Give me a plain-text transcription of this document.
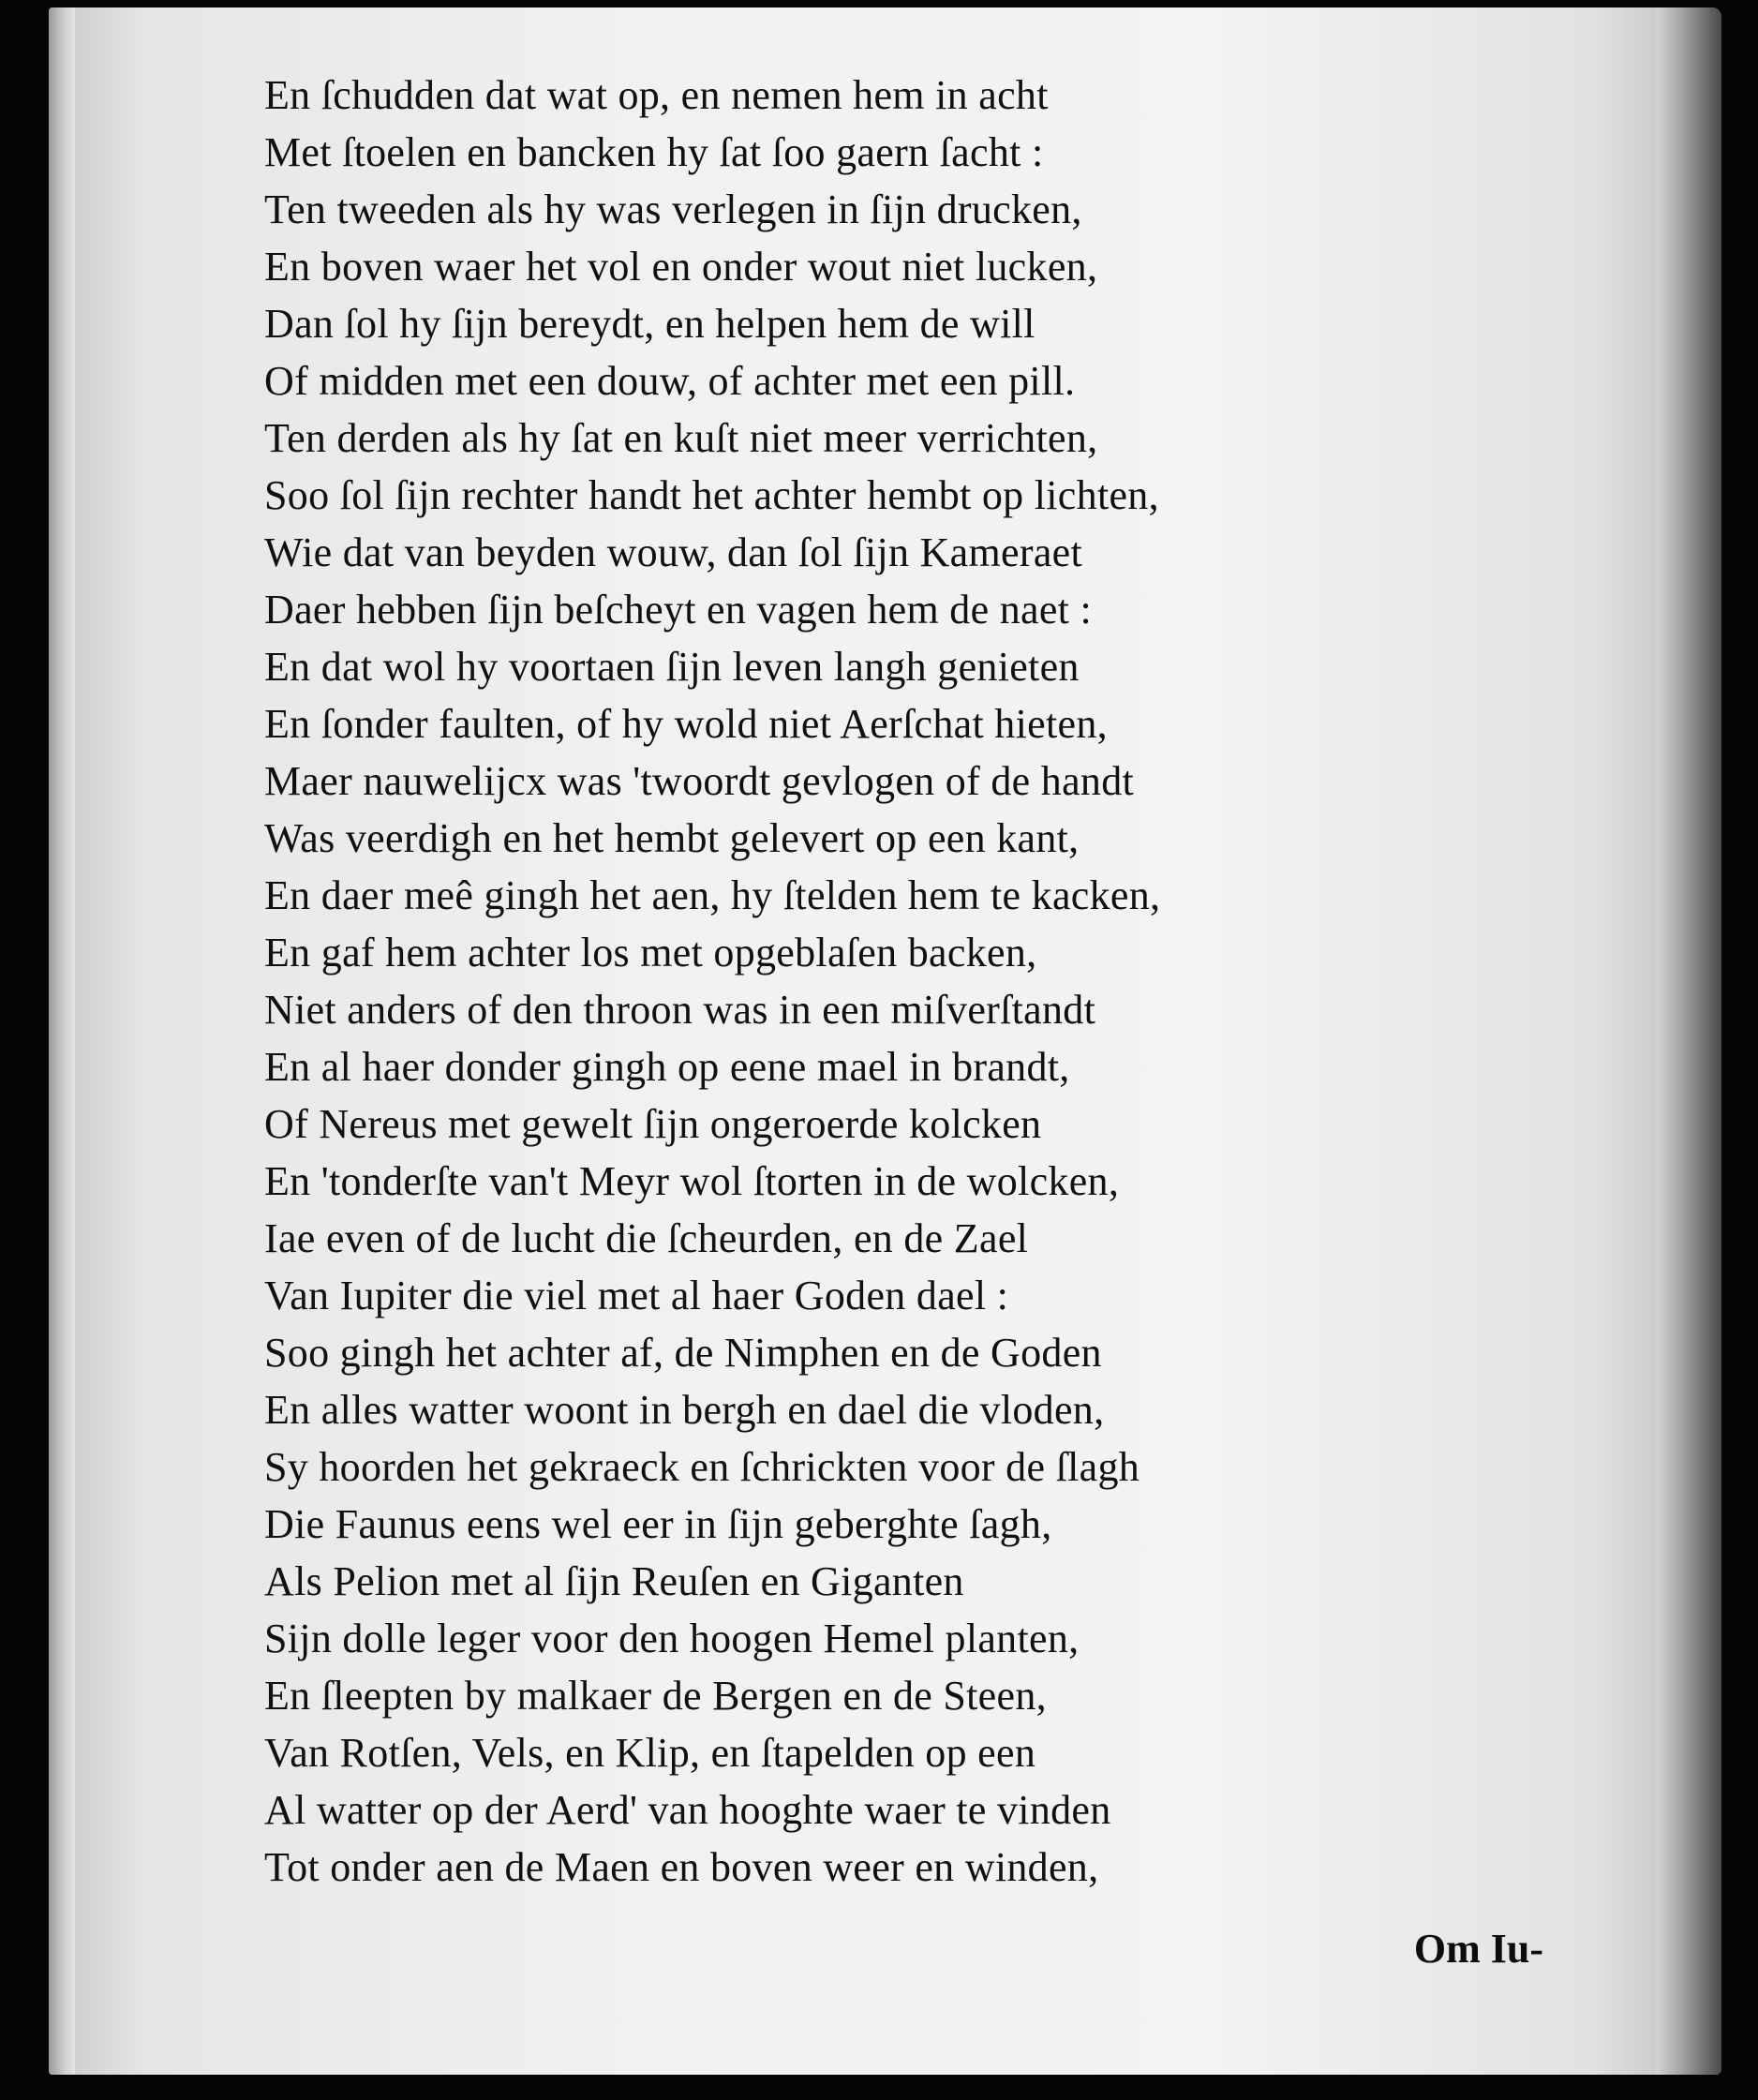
En ſchudden dat wat op, en nemen hem in acht
Met ſtoelen en bancken hy ſat ſoo gaern ſacht :
Ten tweeden als hy was verlegen in ſijn drucken,
En boven waer het vol en onder wout niet lucken,
Dan ſol hy ſijn bereydt, en helpen hem de will
Of midden met een douw, of achter met een pill.
Ten derden als hy ſat en kuſt niet meer verrichten,
Soo ſol ſijn rechter handt het achter hembt op lichten,
Wie dat van beyden wouw, dan ſol ſijn Kameraet
Daer hebben ſijn beſcheyt en vagen hem de naet :
En dat wol hy voortaen ſijn leven langh genieten
En ſonder faulten, of hy wold niet Aerſchat hieten,
Maer nauwelijcx was 'twoordt gevlogen of de handt
Was veerdigh en het hembt gelevert op een kant,
En daer meê gingh het aen, hy ſtelden hem te kacken,
En gaf hem achter los met opgeblaſen backen,
Niet anders of den throon was in een miſverſtandt
En al haer donder gingh op eene mael in brandt,
Of Nereus met gewelt ſijn ongeroerde kolcken
En 'tonderſte van't Meyr wol ſtorten in de wolcken,
Iae even of de lucht die ſcheurden, en de Zael
Van Iupiter die viel met al haer Goden dael :
Soo gingh het achter af, de Nimphen en de Goden
En alles watter woont in bergh en dael die vloden,
Sy hoorden het gekraeck en ſchrickten voor de ſlagh
Die Faunus eens wel eer in ſijn geberghte ſagh,
Als Pelion met al ſijn Reuſen en Giganten
Sijn dolle leger voor den hoogen Hemel planten,
En ſleepten by malkaer de Bergen en de Steen,
Van Rotſen, Vels, en Klip, en ſtapelden op een
Al watter op der Aerd' van hooghte waer te vinden
Tot onder aen de Maen en boven weer en winden,
Om Iu-
